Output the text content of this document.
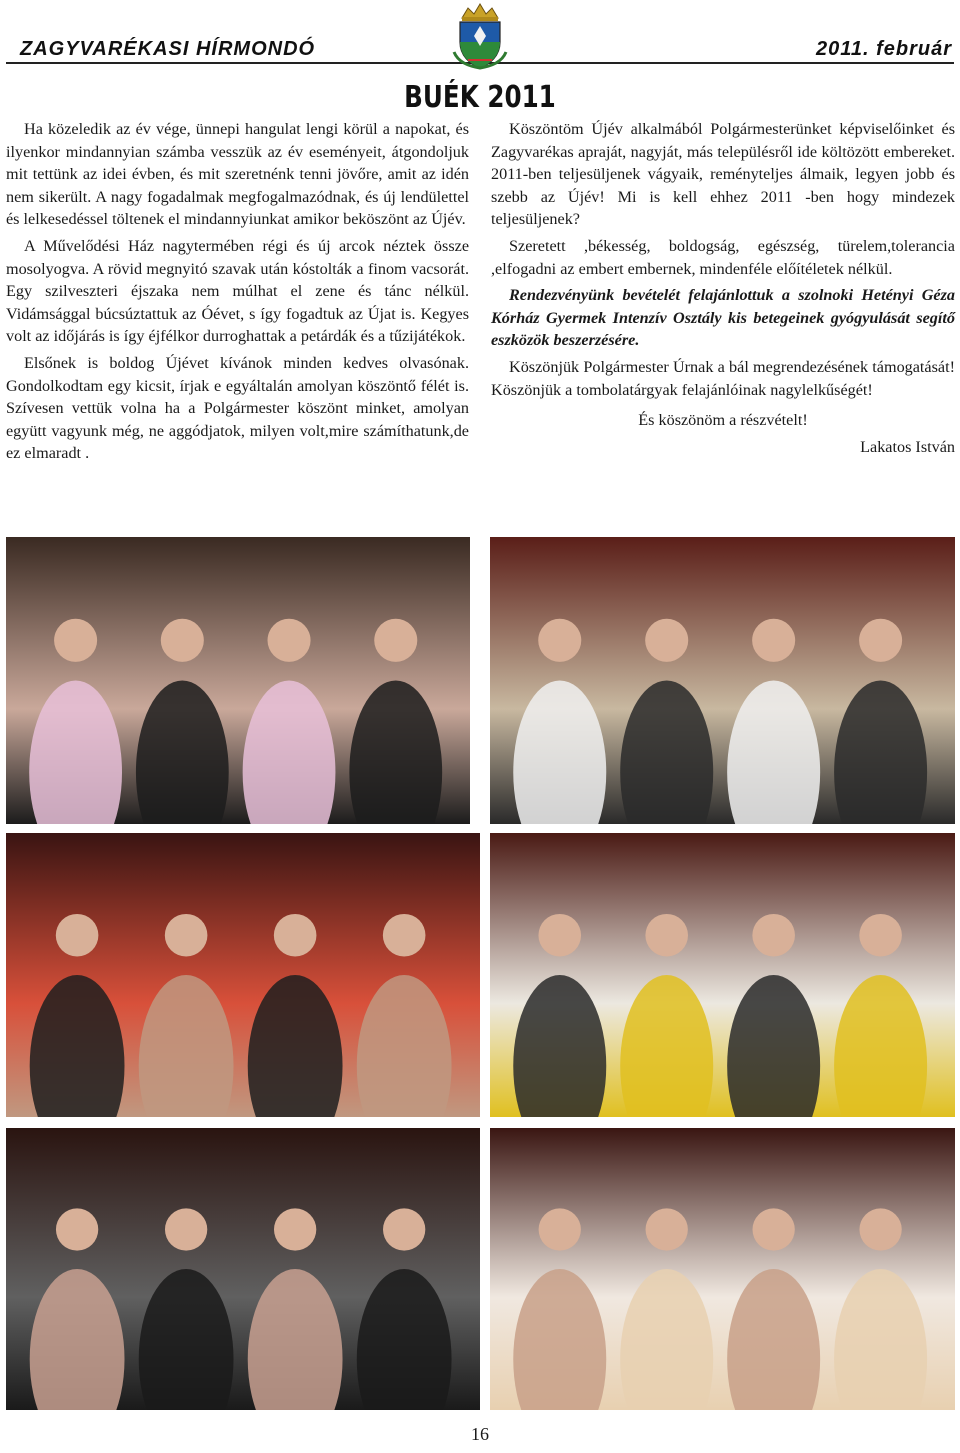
ZAGYVARÉKASI HÍRMONDÓ	2011. február
BUÉK 2011

Ha közeledik az év vége, ünnepi hangulat lengi körül a napokat, és ilyenkor mindannyian számba vesszük az év eseményeit, átgondoljuk mit tettünk az idei évben, és mit szeretnénk tenni jövőre, amit az idén nem sikerült. A nagy fogadalmak megfogalmazódnak, és új lendülettel és lelkesedéssel töltenek el mindannyiunkat amikor beköszönt az Újév.

A Művelődési Ház nagytermében régi és új arcok néztek össze mosolyogva. A rövid megnyitó szavak után kóstolták a finom vacsorát. Egy szilveszteri éjszaka nem múlhat el zene és tánc nélkül. Vidámsággal búcsúztattuk az Óévet, s így fogadtuk az Újat is. Kegyes volt az időjárás is így éjfélkor durroghattak a petárdák és a tűzijátékok.

Elsőnek is boldog Újévet kívánok minden kedves olvasónak. Gondolkodtam egy kicsit, írjak e egyáltalán amolyan köszöntő félét is. Szívesen vettük volna ha a Polgármester köszönt minket, amolyan együtt vagyunk még, ne aggódjatok, milyen volt,mire számíthatunk,de ez elmaradt .

Köszöntöm Újév alkalmából Polgármesterünket képviselőinket és Zagyvarékas apraját, nagyját, más településről ide költözött embereket. 2011-ben teljesüljenek vágyaik, reményteljes álmaik, legyen jobb és szebb az Újév! Mi is kell ehhez 2011 -ben hogy mindezek teljesüljenek?

Szeretett ,békesség, boldogság, egészség, türelem,tolerancia ,elfogadni az embert embernek, mindenféle előítéletek nélkül.

Rendezvényünk bevételét felajánlottuk a szolnoki Hetényi Géza Kórház Gyermek Intenzív Osztály kis betegeinek gyógyulását segítő eszközök beszerzésére.

Köszönjük Polgármester Úrnak a bál megrendezésének támogatását! Köszönjük a tombolatárgyak felajánlóinak nagylelkűségét!

És köszönöm a részvételt!

Lakatos István

16
